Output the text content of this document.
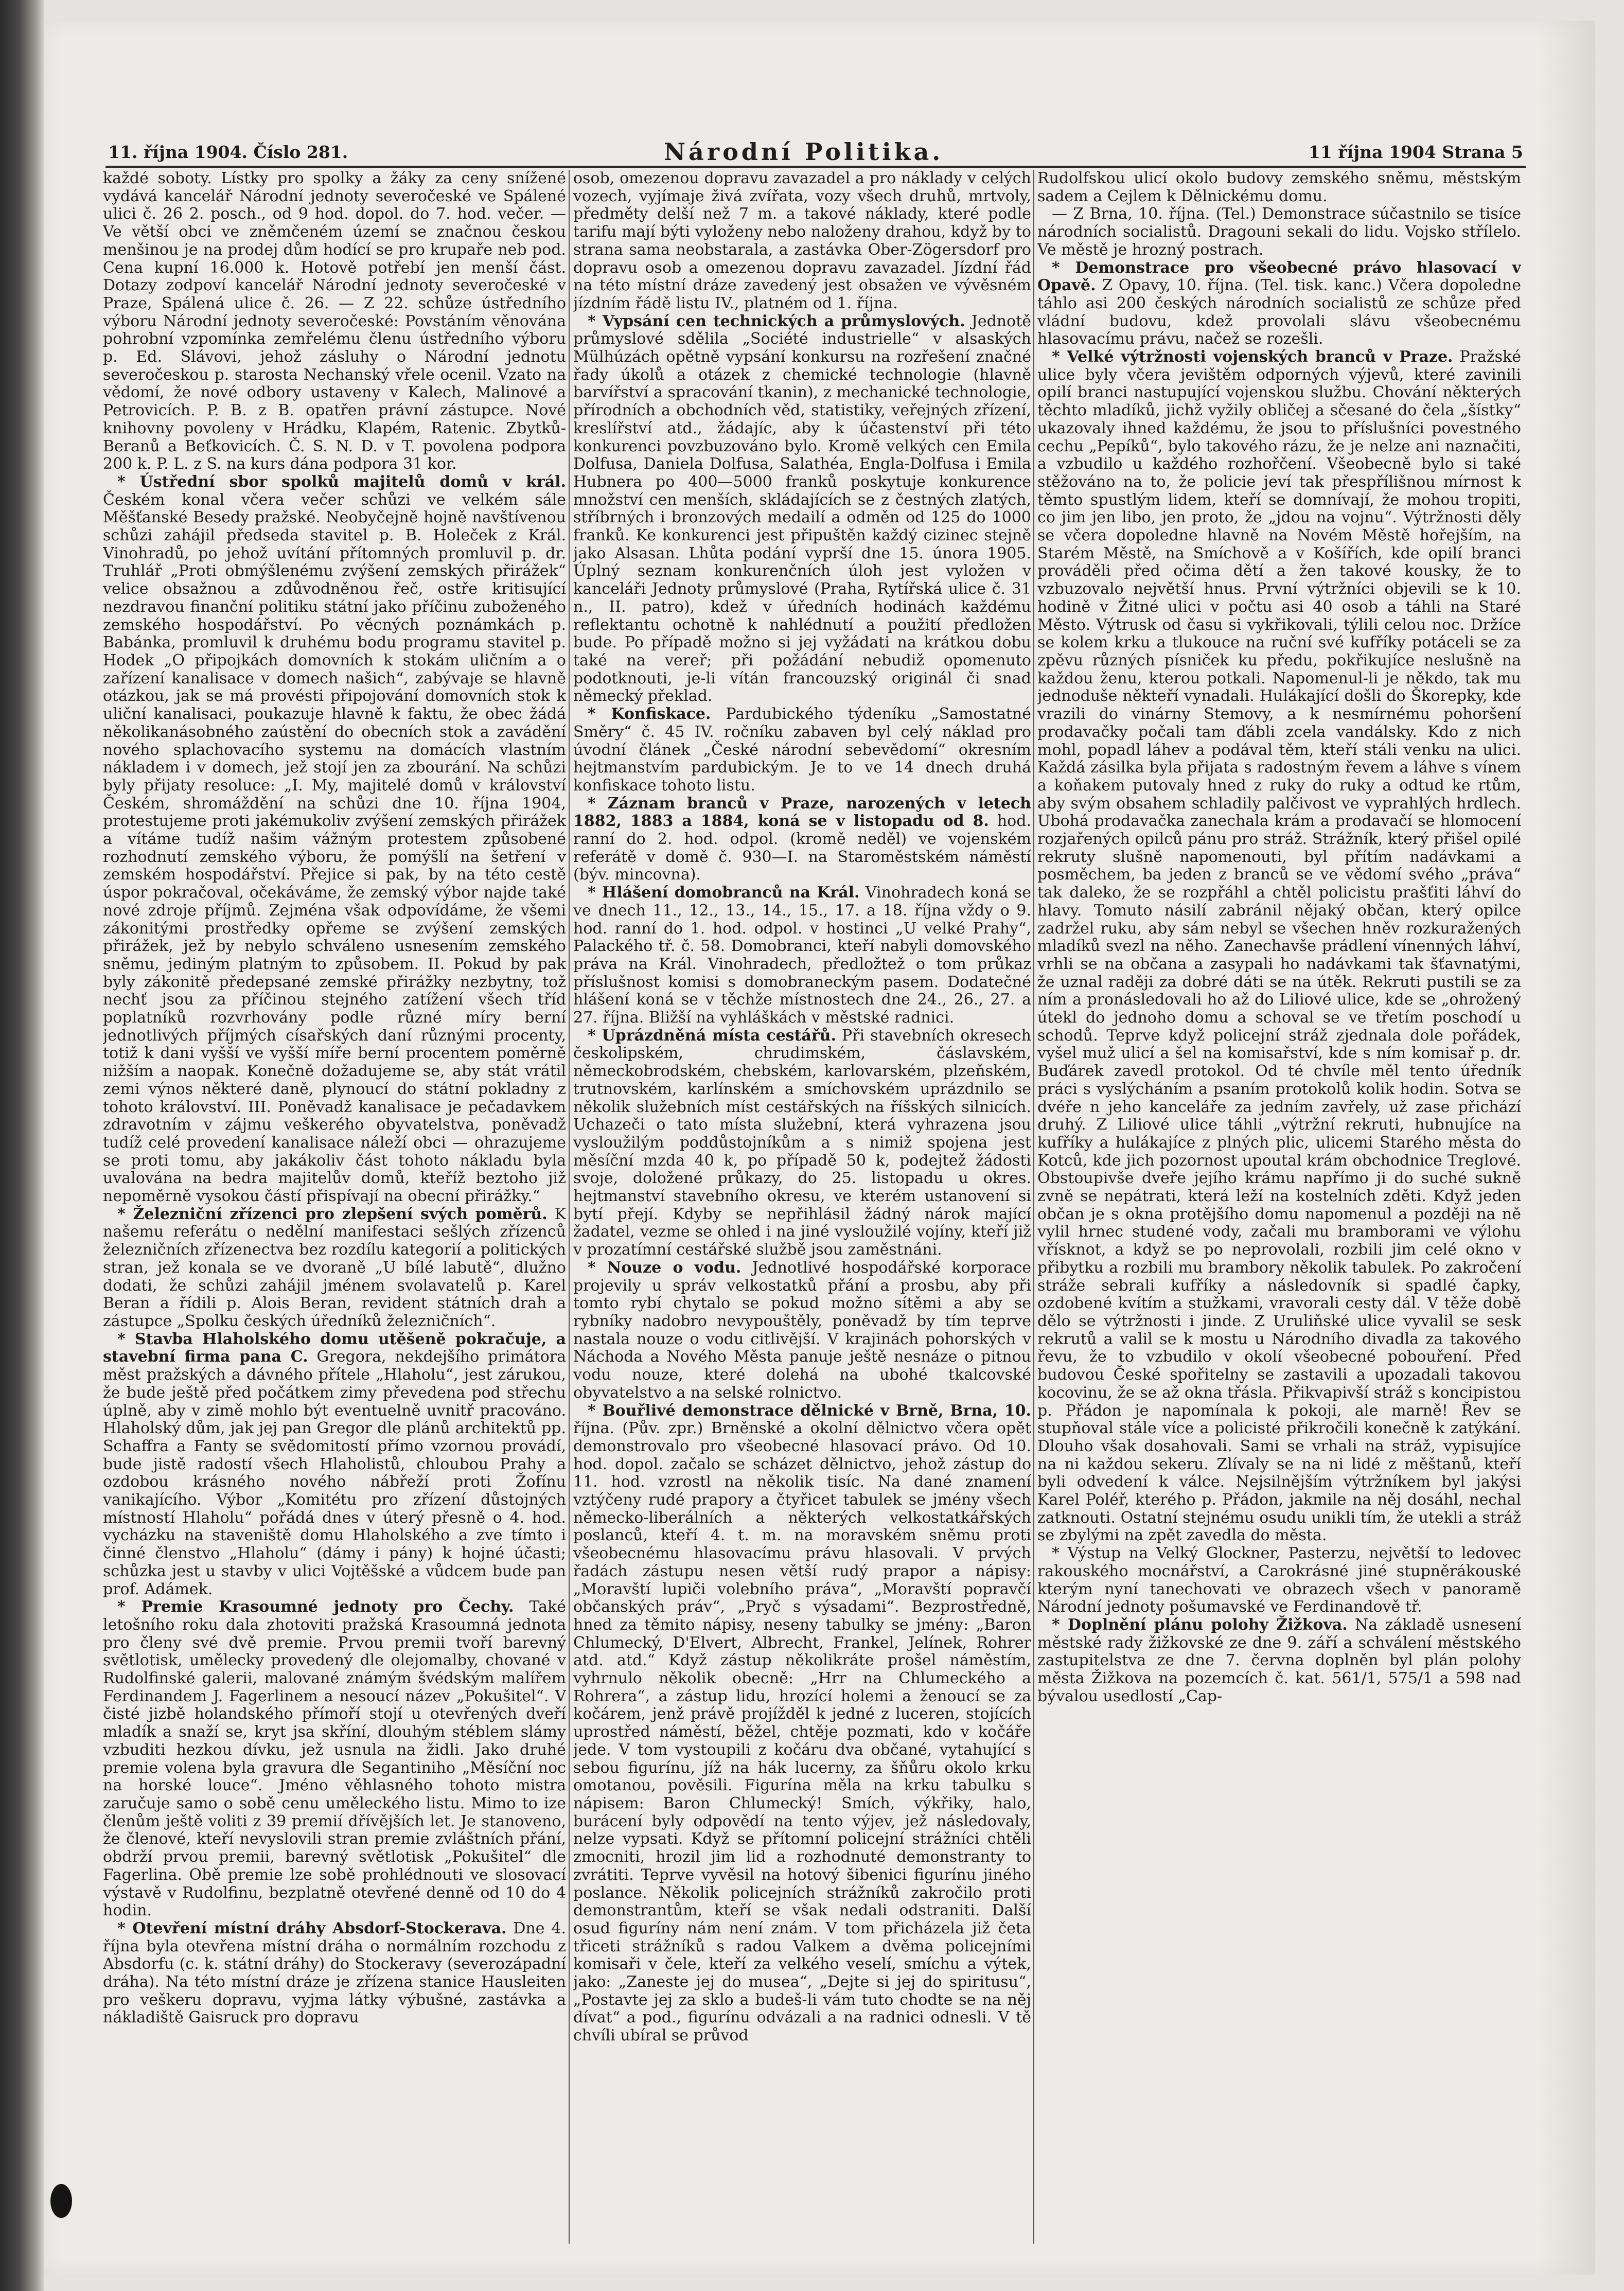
11. října 1904. Číslo 281.	Národní Politika.	11 října 1904 Strana 5

každé soboty. Lístky pro spolky a žáky za ceny snížené vydává kancelář Národní jednoty severočeské ve Spálené ulici č. 26 2. posch., od 9 hod. dopol. do 7. hod. večer. — Ve větší obci ve zněmčeném území se značnou českou menšinou je na prodej dům hodící se pro krupaře neb pod. Cena kupní 16.000 k. Hotově potřebí jen menší část. Dotazy zodpoví kancelář Národní jednoty severočeské v Praze, Spálená ulice č. 26. — Z 22. schůze ústředního výboru Národní jednoty severočeské: Povstáním věnována pohrobní vzpomínka zemřelému členu ústředního výboru p. Ed. Slávovi, jehož zásluhy o Národní jednotu severočeskou p. starosta Nechanský vřele ocenil. Vzato na vědomí, že nové odbory ustaveny v Kalech, Malinové a Petrovicích. P. B. z B. opatřen právní zástupce. Nové knihovny povoleny v Hrádku, Klapém, Ratenic. Zbytků-Beranů a Beťkovicích. Č. S. N. D. v T. povolena podpora 200 k. P. L. z S. na kurs dána podpora 31 kor.

* Ústřední sbor spolků majitelů domů v král. Českém konal včera večer schůzi ve velkém sále Měšťanské Besedy pražské. Neobyčejně hojně navštívenou schůzi zahájil předseda stavitel p. B. Holeček z Král. Vinohradů, po jehož uvítání přítomných promluvil p. dr. Truhlář „Proti obmýšlenému zvýšení zemských přirážek“ velice obsažnou a zdůvodněnou řeč, ostře kritisující nezdravou finanční politiku státní jako příčinu zuboženého zemského hospodářství. Po věcných poznámkách p. Babánka, promluvil k druhému bodu programu stavitel p. Hodek „O připojkách domovních k stokám uličním a o zařízení kanalisace v domech našich“, zabývaje se hlavně otázkou, jak se má provésti připojování domovních stok k uliční kanalisaci, poukazuje hlavně k faktu, že obec žádá několikanásobného zaústění do obecních stok a zavádění nového splachovacího systemu na domácích vlastním nákladem i v domech, jež stojí jen za zbourání. Na schůzi byly přijaty resoluce: „I. My, majitelé domů v království Českém, shromáždění na schůzi dne 10. října 1904, protestujeme proti jakémukoliv zvýšení zemských přirážek a vítáme tudíž našim vážným protestem způsobené rozhodnutí zemského výboru, že pomýšlí na šetření v zemském hospodářství. Přejice si pak, by na této cestě úspor pokračoval, očekáváme, že zemský výbor najde také nové zdroje příjmů. Zejména však odpovídáme, že všemi zákonitými prostředky opřeme se zvýšení zemských přirážek, jež by nebylo schváleno usnesením zemského sněmu, jediným platným to způsobem. II. Pokud by pak byly zákonitě předepsané zemské přirážky nezbytny, tož nechť jsou za příčinou stejného zatížení všech tříd poplatníků rozvrhovány podle různé míry berní jednotlivých příjmých císařských daní různými procenty, totiž k dani vyšší ve vyšší míře berní procentem poměrně nižším a naopak. Konečně dožadujeme se, aby stát vrátil zemi výnos některé daně, plynoucí do státní pokladny z tohoto království. III. Poněvadž kanalisace je pečadavkem zdravotním v zájmu veškerého obyvatelstva, poněvadž tudíž celé provedení kanalisace náleží obci — ohrazujeme se proti tomu, aby jakákoliv část tohoto nákladu byla uvalována na bedra majitelův domů, kteříž beztoho již nepoměrně vysokou částí přispívají na obecní přirážky.“

* Železniční zřízenci pro zlepšení svých poměrů. K našemu referátu o nedělní manifestaci sešlých zřízenců železničních zřízenectva bez rozdílu kategorií a politických stran, jež konala se ve dvoraně „U bílé labutě“, dlužno dodati, že schůzi zahájil jménem svolavatelů p. Karel Beran a řídili p. Alois Beran, revident státních drah a zástupce „Spolku českých úředníků železničních“.

* Stavba Hlaholského domu utěšeně pokračuje, a stavební firma pana C. Gregora, nekdejšího primátora měst pražských a dávného přítele „Hlaholu“, jest zárukou, že bude ještě před počátkem zimy převedena pod střechu úplně, aby v zimě mohlo být eventuelně uvnitř pracováno. Hlaholský dům, jak jej pan Gregor dle plánů architektů pp. Schaffra a Fanty se svědomitostí přímo vzornou provádí, bude jistě radostí všech Hlaholistů, chloubou Prahy a ozdobou krásného nového nábřeží proti Žofínu vanikajícího. Výbor „Komitétu pro zřízení důstojných místností Hlaholu“ pořádá dnes v úterý přesně o 4. hod. vycházku na staveniště domu Hlaholského a zve tímto i činné členstvo „Hlaholu“ (dámy i pány) k hojné účasti; schůzka jest u stavby v ulici Vojtěšské a vůdcem bude pan prof. Adámek.

* Premie Krasoumné jednoty pro Čechy. Také letošního roku dala zhotoviti pražská Krasoumná jednota pro členy své dvě premie. Prvou premii tvoří barevný světlotisk, umělecky provedený dle olejomalby, chované v Rudolfinské galerii, malované známým švédským malířem Ferdinandem J. Fagerlinem a nesoucí název „Pokušitel“. V čisté jizbě holandského přímoří stojí u otevřených dveří mladík a snaží se, kryt jsa skříní, dlouhým stéblem slámy vzbuditi hezkou dívku, jež usnula na židli. Jako druhé premie volena byla gravura dle Segantiniho „Měsíční noc na horské louce“. Jméno věhlasného tohoto mistra zaručuje samo o sobě cenu uměleckého listu. Mimo to ize členům ještě voliti z 39 premií dřívějších let. Je stanoveno, že členové, kteří nevyslovili stran premie zvláštních přání, obdrží prvou premii, barevný světlotisk „Pokušitel“ dle Fagerlina. Obě premie lze sobě prohlédnouti ve slosovací výstavě v Rudolfinu, bezplatně otevřené denně od 10 do 4 hodin.

* Otevření místní dráhy Absdorf-Stockerava. Dne 4. října byla otevřena místní dráha o normálním rozchodu z Absdorfu (c. k. státní dráhy) do Stockeravy (severozápadní dráha). Na této místní dráze je zřízena stanice Hausleiten pro veškeru dopravu, vyjma látky výbušné, zastávka a nákladiště Gaisruck pro dopravu

osob, omezenou dopravu zavazadel a pro náklady v celých vozech, vyjímaje živá zvířata, vozy všech druhů, mrtvoly, předměty delší než 7 m. a takové náklady, které podle tarifu mají býti vyloženy nebo naloženy drahou, když by to strana sama neobstarala, a zastávka Ober-Zögersdorf pro dopravu osob a omezenou dopravu zavazadel. Jízdní řád na této místní dráze zavedený jest obsažen ve vývěsném jízdním řádě listu IV., platném od 1. října.

* Vypsání cen technických a průmyslových. Jednotě průmyslové sdělila „Société industrielle“ v alsaských Mülhúzách opětně vypsání konkursu na rozřešení značné řady úkolů a otázek z chemické technologie (hlavně barvířství a spracování tkanin), z mechanické technologie, přírodních a obchodních věd, statistiky, veřejných zřízení, kreslířství atd., žádajíc, aby k účastenství při této konkurenci povzbuzováno bylo. Kromě velkých cen Emila Dolfusa, Daniela Dolfusa, Salathéa, Engla-Dolfusa i Emila Hubnera po 400—5000 franků poskytuje konkurence množství cen menších, skládajících se z čestných zlatých, stříbrných i bronzových medailí a odměn od 125 do 1000 franků. Ke konkurenci jest připuštěn každý cizinec stejně jako Alsasan. Lhůta podání vyprší dne 15. února 1905. Úplný seznam konkurenčních úloh jest vyložen v kanceláři Jednoty průmyslové (Praha, Rytířská ulice č. 31 n., II. patro), kdež v úředních hodinách každému reflektantu ochotně k nahlédnutí a použití předložen bude. Po případě možno si jej vyžádati na krátkou dobu také na vereř; při požádání nebudiž opomenuto podotknouti, je-li vítán francouzský originál či snad německý překlad.

* Konfiskace. Pardubického týdeníku „Samostatné Směry“ č. 45 IV. ročníku zabaven byl celý náklad pro úvodní článek „České národní sebevědomí“ okresním hejtmanstvím pardubickým. Je to ve 14 dnech druhá konfiskace tohoto listu.

* Záznam branců v Praze, narozených v letech 1882, 1883 a 1884, koná se v listopadu od 8. hod. ranní do 2. hod. odpol. (kromě neděl) ve vojenském referátě v domě č. 930—I. na Staroměstském náměstí (býv. mincovna).

* Hlášení domobranců na Král. Vinohradech koná se ve dnech 11., 12., 13., 14., 15., 17. a 18. října vždy o 9. hod. ranní do 1. hod. odpol. v hostinci „U velké Prahy“, Palackého tř. č. 58. Domobranci, kteří nabyli domovského práva na Král. Vinohradech, předložtež o tom průkaz příslušnost komisi s domobraneckým pasem. Dodatečné hlášení koná se v těchže místnostech dne 24., 26., 27. a 27. října. Bližší na vyhláškách v městské radnici.

* Uprázdněná místa cestářů. Při stavebních okresech českolipském, chrudimském, čáslavském, německobrodském, chebském, karlovarském, plzeňském, trutnovském, karlínském a smíchovském uprázdnilo se několik služebních míst cestářských na říšských silnicích. Uchazeči o tato místa služební, která vyhrazena jsou vysloužilým poddůstojníkům a s nimiž spojena jest měsíční mzda 40 k, po případě 50 k, podejtež žádosti svoje, doložené průkazy, do 25. listopadu u okres. hejtmanství stavebního okresu, ve kterém ustanovení si bytí přejí. Kdyby se nepřihlásil žádný nárok mající žadatel, vezme se ohled i na jiné vysloužilé vojíny, kteří již v prozatímní cestářské službě jsou zaměstnáni.

* Nouze o vodu. Jednotlivé hospodářské korporace projevily u správ velkostatků přání a prosbu, aby při tomto rybí chytalo se pokud možno sítěmi a aby se rybníky nadobro nevypouštěly, poněvadž by tím teprve nastala nouze o vodu citlivější. V krajinách pohorských v Náchoda a Nového Města panuje ještě nesnáze o pitnou vodu nouze, které dolehá na ubohé tkalcovské obyvatelstvo a na selské rolnictvo.

* Bouřlivé demonstrace dělnické v Brně, Brna, 10. října. (Pův. zpr.) Brněnské a okolní dělnictvo včera opět demonstrovalo pro všeobecné hlasovací právo. Od 10. hod. dopol. začalo se scházet dělnictvo, jehož zástup do 11. hod. vzrostl na několik tisíc. Na dané znamení vztýčeny rudé prapory a čtyřicet tabulek se jmény všech německo-liberálních a některých velkostatkářských poslanců, kteří 4. t. m. na moravském sněmu proti všeobecnému hlasovacímu právu hlasovali. V prvých řadách zástupu nesen větší rudý prapor a nápisy: „Moravští lupiči volebního práva“, „Moravští popravčí občanských práv“, „Pryč s výsadami“. Bezprostředně, hned za těmito nápisy, neseny tabulky se jmény: „Baron Chlumecký, D'Elvert, Albrecht, Frankel, Jelínek, Rohrer atd. atd.“ Když zástup několikráte prošel náměstím, vyhrnulo několik obecně: „Hrr na Chlumeckého a Rohrera“, a zástup lidu, hrozící holemi a ženoucí se za kočárem, jenž právě projížděl k jedné z luceren, stojících uprostřed náměstí, běžel, chtěje pozmati, kdo v kočáře jede. V tom vystoupili z kočáru dva občané, vytahující s sebou figurínu, jíž na hák lucerny, za šňůru okolo krku omotanou, pověsili. Figurína měla na krku tabulku s nápisem: Baron Chlumecký! Smích, výkřiky, halo, burácení byly odpovědí na tento výjev, jež následovaly, nelze vypsati. Když se přítomní policejní strážníci chtěli zmocniti, hrozil jim lid a rozhodnuté demonstranty to zvrátiti. Teprve vyvěsil na hotový šibenici figurínu jiného poslance. Několik policejních strážníků zakročilo proti demonstrantům, kteří se však nedali odstraniti. Další osud figuríny nám není znám. V tom přicházela již četa třiceti strážníků s radou Valkem a dvěma policejními komisaři v čele, kteří za velkého veselí, smíchu a výtek, jako: „Zaneste jej do musea“, „Dejte si jej do spiritusu“, „Postavte jej za sklo a budeš-li vám tuto chodte se na něj dívat“ a pod., figurínu odvázali a na radnici odnesli. V tě chvíli ubíral se průvod

Rudolfskou ulicí okolo budovy zemského sněmu, městským sadem a Cejlem k Dělnickému domu.

— Z Brna, 10. října. (Tel.) Demonstrace súčastnilo se tisíce národních socialistů. Dragouni sekali do lidu. Vojsko střílelo. Ve městě je hrozný postrach.

* Demonstrace pro všeobecné právo hlasovací v Opavě. Z Opavy, 10. října. (Tel. tisk. kanc.) Včera dopoledne táhlo asi 200 českých národních socialistů ze schůze před vládní budovu, kdež provolali slávu všeobecnému hlasovacímu právu, načež se rozešli.

* Velké výtržnosti vojenských branců v Praze. Pražské ulice byly včera jevištěm odporných výjevů, které zavinili opilí branci nastupující vojenskou službu. Chování některých těchto mladíků, jichž vyžily obličej a sčesané do čela „šístky“ ukazovaly ihned každému, že jsou to příslušníci povestného cechu „Pepíků“, bylo takového rázu, že je nelze ani naznačiti, a vzbudilo u každého rozhořčení. Všeobecně bylo si také stěžováno na to, že policie jeví tak přespřílišnou mírnost k těmto spustlým lidem, kteří se domnívají, že mohou tropiti, co jim jen libo, jen proto, že „jdou na vojnu“. Výtržnosti děly se včera dopoledne hlavně na Novém Městě hořejším, na Starém Městě, na Smíchově a v Košířích, kde opilí branci prováděli před očima dětí a žen takové kousky, že to vzbuzovalo největší hnus. První výtržníci objevili se k 10. hodině v Žitné ulici v počtu asi 40 osob a táhli na Staré Město. Výtrusk od času si vykřikovali, týlili celou noc. Držíce se kolem krku a tlukouce na ruční své kufříky potáceli se za zpěvu různých písniček ku předu, pokřikujíce neslušně na každou ženu, kterou potkali. Napomenul-li je někdo, tak mu jednoduše někteří vynadali. Hulákající došli do Škorepky, kde vrazili do vinárny Stemovy, a k nesmírnému pohoršení prodavačky počali tam ďábli zcela vandálsky. Kdo z nich mohl, popadl láhev a podával těm, kteří stáli venku na ulici. Každá zásilka byla přijata s radostným řevem a láhve s vínem a koňakem putovaly hned z ruky do ruky a odtud ke rtům, aby svým obsahem schladily palčivost ve vyprahlých hrdlech. Ubohá prodavačka zanechala krám a prodavačí se hlomocení rozjařených opilců pánu pro stráž. Strážník, který přišel opilé rekruty slušně napomenouti, byl přítím nadávkami a posměchem, ba jeden z branců se ve vědomí svého „práva“ tak daleko, že se rozpřáhl a chtěl policistu prašťiti láhví do hlavy. Tomuto násilí zabránil nějaký občan, který opilce zadržel ruku, aby sám nebyl se všechen hněv rozkuražených mladíků svezl na něho. Zanechavše prádlení vínenných láhví, vrhli se na občana a zasypali ho nadávkami tak šťavnatými, že uznal raději za dobré dáti se na útěk. Rekruti pustili se za ním a pronásledovali ho až do Liliové ulice, kde se „ohrožený útekl do jednoho domu a schoval se ve třetím poschodí u schodů. Teprve když policejní stráž zjednala dole pořádek, vyšel muž ulicí a šel na komisařství, kde s ním komisař p. dr. Buďárek zavedl protokol. Od té chvíle měl tento úředník práci s vyslýcháním a psaním protokolů kolik hodin. Sotva se dvéře n jeho kanceláře za jedním zavřely, už zase přichází druhý. Z Liliové ulice táhli „výtržní rekruti, hubnujíce na kufříky a hulákajíce z plných plic, ulicemi Starého města do Kotců, kde jich pozornost upoutal krám obchodnice Treglové. Obstoupivše dveře jejího krámu napřímo ji do suché sukně zvně se nepátrati, která leží na kostelních zděti. Když jeden občan je s okna protějšího domu napomenul a později na ně vylil hrnec studené vody, začali mu bramborami ve výlohu vřísknot, a když se po neprovolali, rozbili jim celé okno v přibytku a rozbili mu brambory několik tabulek. Po zakročení stráže sebrali kufříky a následovník si spadlé čapky, ozdobené kvítím a stužkami, vravorali cesty dál. V těže době dělo se výtržnosti i jinde. Z Uruliňské ulice vyvalil se sesk rekrutů a valil se k mostu u Národního divadla za takového řevu, že to vzbudilo v okolí všeobecné pobouření. Před budovou České spořitelny se zastavili a upozadali takovou kocovinu, že se až okna třásla. Přikvapivší stráž s koncipistou p. Přádon je napomínala k pokoji, ale marně! Řev se stupňoval stále více a policisté přikročili konečně k zatýkání. Dlouho však dosahovali. Sami se vrhali na stráž, vypisujíce na ni každou sekeru. Zlívaly se na ni lidé z měštanů, kteří byli odvedení k válce. Nejsilnějším výtržníkem byl jakýsi Karel Poléř, kterého p. Přádon, jakmile na něj dosáhl, nechal zatknouti. Ostatní stejnému osudu unikli tím, že utekli a stráž se zbylými na zpět zavedla do města.

* Výstup na Velký Glockner, Pasterzu, největší to ledovec rakouského mocnářství, a Carokrásné jiné stupněrákouské kterým nyní tanechovati ve obrazech všech v panoramě Národní jednoty pošumavské ve Ferdinandově tř.

* Doplnění plánu polohy Žižkova. Na základě usnesení městské rady žižkovské ze dne 9. září a schválení městského zastupitelstva ze dne 7. června doplněn byl plán polohy města Žižkova na pozemcích č. kat. 561/1, 575/1 a 598 nad bývalou usedlostí „Cap-
